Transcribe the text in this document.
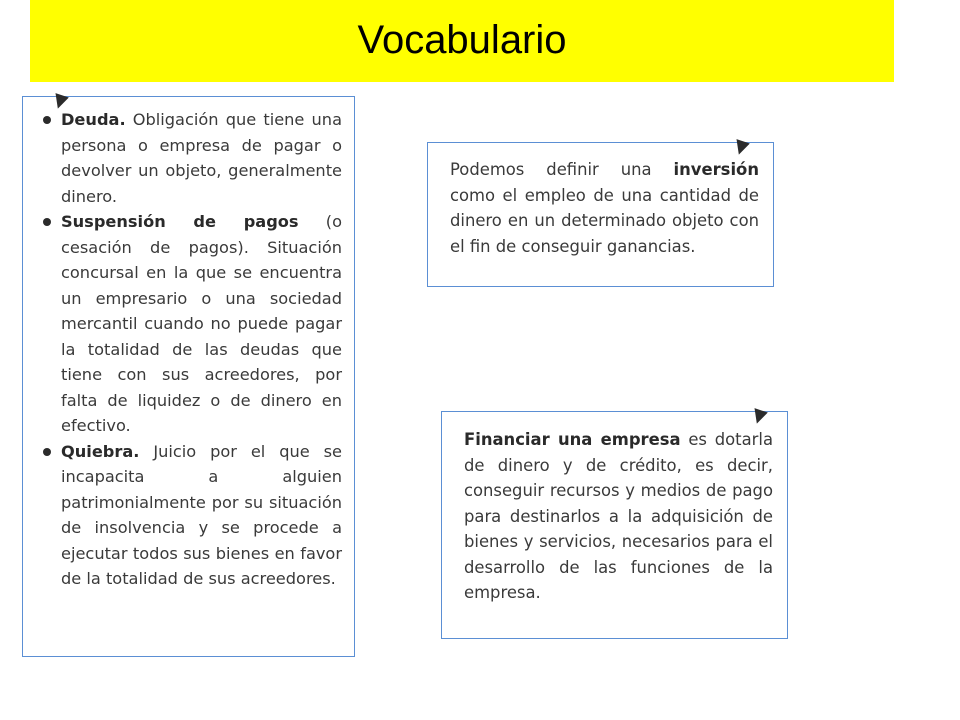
Vocabulario
Deuda. Obligación que tiene una persona o empresa de pagar o devolver un objeto, generalmente dinero.
Suspensión de pagos (o cesación de pagos). Situación concursal en la que se encuentra un empresario o una sociedad mercantil cuando no puede pagar la totalidad de las deudas que tiene con sus acreedores, por falta de liquidez o de dinero en efectivo.
Quiebra. Juicio por el que se incapacita a alguien patrimonialmente por su situación de insolvencia y se procede a ejecutar todos sus bienes en favor de la totalidad de sus acreedores.
Podemos definir una inversión como el empleo de una cantidad de dinero en un determinado objeto con el fin de conseguir ganancias.
Financiar una empresa es dotarla de dinero y de crédito, es decir, conseguir recursos y medios de pago para destinarlos a la adquisición de bienes y servicios, necesarios para el desarrollo de las funciones de la empresa.
